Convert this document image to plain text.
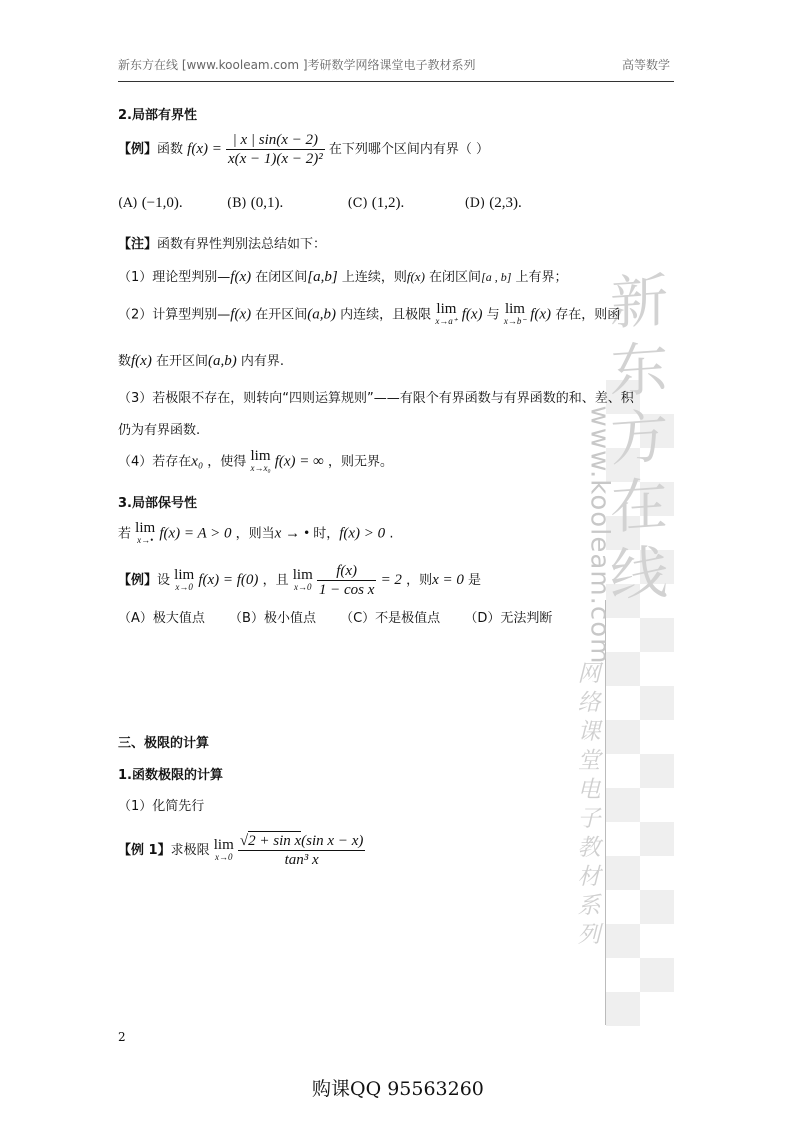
新东方在线 [www.kooleam.com ]考研数学网络课堂电子教材系列	高等数学
新东方在线
www.kooleam.com
网络课堂电子教材系列
2.局部有界性
【例】函数 $f(x) = \frac{| x | \sin(x - 2)}{\text{x(x − 1)(x − 2)²}}$ 在下列哪个区间内有界（ ）
(A) (−1,0).	(B) (0,1).	(C) (1,2).	(D) (2,3).
【注】函数有界性判别法总结如下：
（1）理论型判别—f(x) 在闭区间[a,b] 上连续，则f(x) 在闭区间[a , b] 上有界；
（2）计算型判别—f(x) 在开区间(a,b) 内连续，且极限 lim
x→a⁺ f(x) 与 lim
x→b⁻ f(x) 存在，则函
数f(x) 在开区间(a,b) 内有界.
（3）若极限不存在，则转向“四则运算规则”——有限个有界函数与有界函数的和、差、积
仍为有界函数.
（4）若存在x₀ ，使得 lim
x→x₀ f(x) = ∞ ，则无界。
3.局部保号性
若 lim
x→• f(x) = A > 0 ，则当x → • 时，f(x) > 0 .
【例】设 lim
x→0 f(x) = f(0) ，且 lim
x→0
$\frac{f(x)}{\text{1 − cos x}} = 2$ ，则x = 0 是
（A）极大值点 （B）极小值点 （C）不是极值点 （D）无法判断
三、极限的计算
1.函数极限的计算
（1）化简先行
【例 1】求极限 lim
x→0
$\frac{\text{√2 + sin x(sin x − x)}}{\text{tan³ x}}$
2
购课QQ 95563260
